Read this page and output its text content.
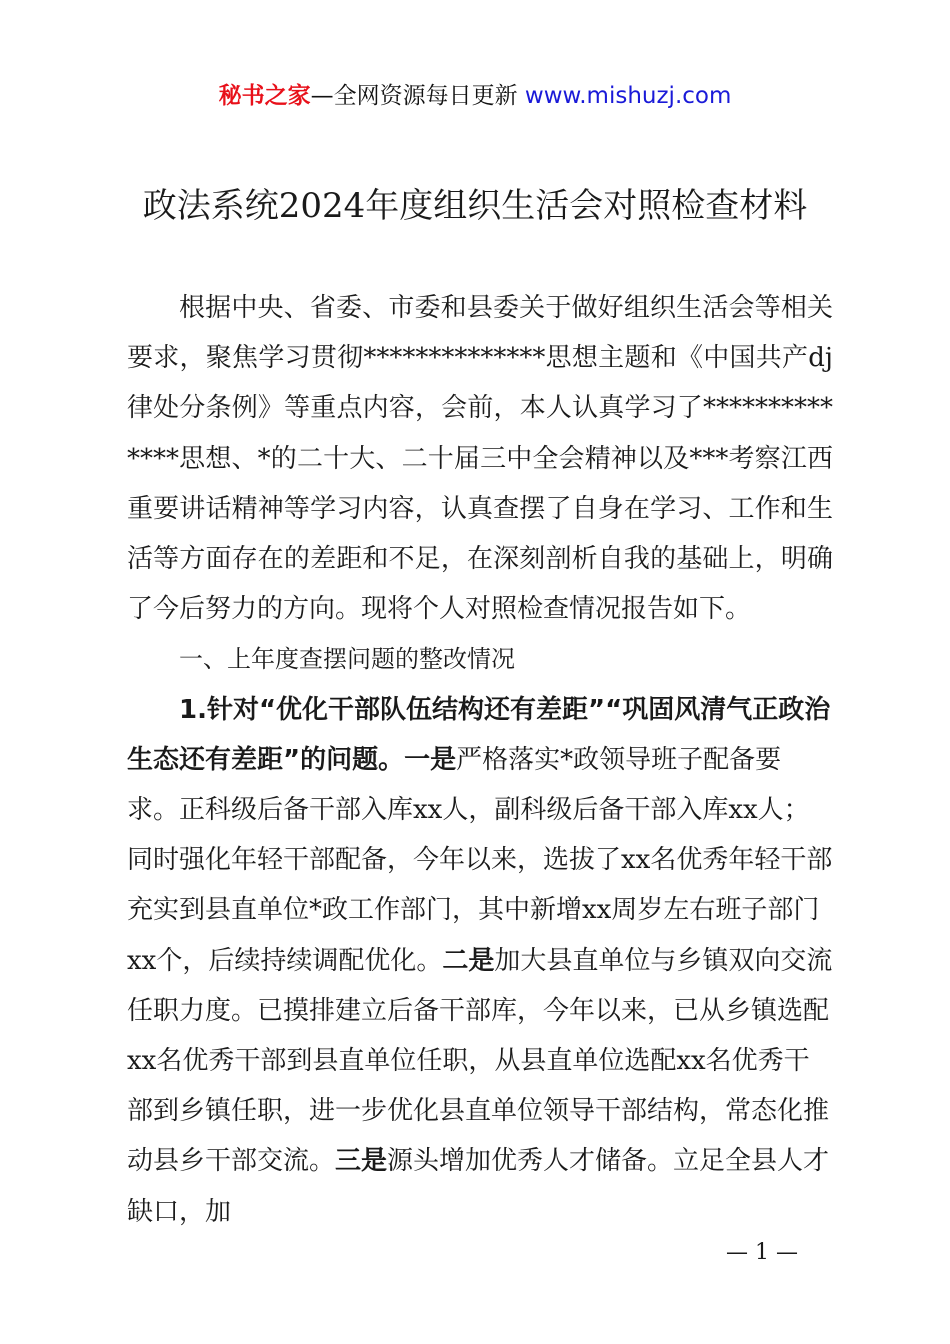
秘书之家—全网资源每日更新 www.mishuzj.com
政法系统2024年度组织生活会对照检查材料

根据中央、省委、市委和县委关于做好组织生活会等相关要求，聚焦学习贯彻**************思想主题和《中国共产dj律处分条例》等重点内容，会前，本人认真学习了**************思想、*的二十大、二十届三中全会精神以及***考察江西重要讲话精神等学习内容，认真查摆了自身在学习、工作和生活等方面存在的差距和不足，在深刻剖析自我的基础上，明确了今后努力的方向。现将个人对照检查情况报告如下。

一、上年度查摆问题的整改情况

1.针对“优化干部队伍结构还有差距”“巩固风清气正政治生态还有差距”的问题。一是严格落实*政领导班子配备要求。正科级后备干部入库xx人，副科级后备干部入库xx人；同时强化年轻干部配备，今年以来，选拔了xx名优秀年轻干部充实到县直单位*政工作部门，其中新增xx周岁左右班子部门xx个，后续持续调配优化。二是加大县直单位与乡镇双向交流任职力度。已摸排建立后备干部库，今年以来，已从乡镇选配xx名优秀干部到县直单位任职，从县直单位选配xx名优秀干部到乡镇任职，进一步优化县直单位领导干部结构，常态化推动县乡干部交流。三是源头增加优秀人才储备。立足全县人才缺口，加

— 1 —
